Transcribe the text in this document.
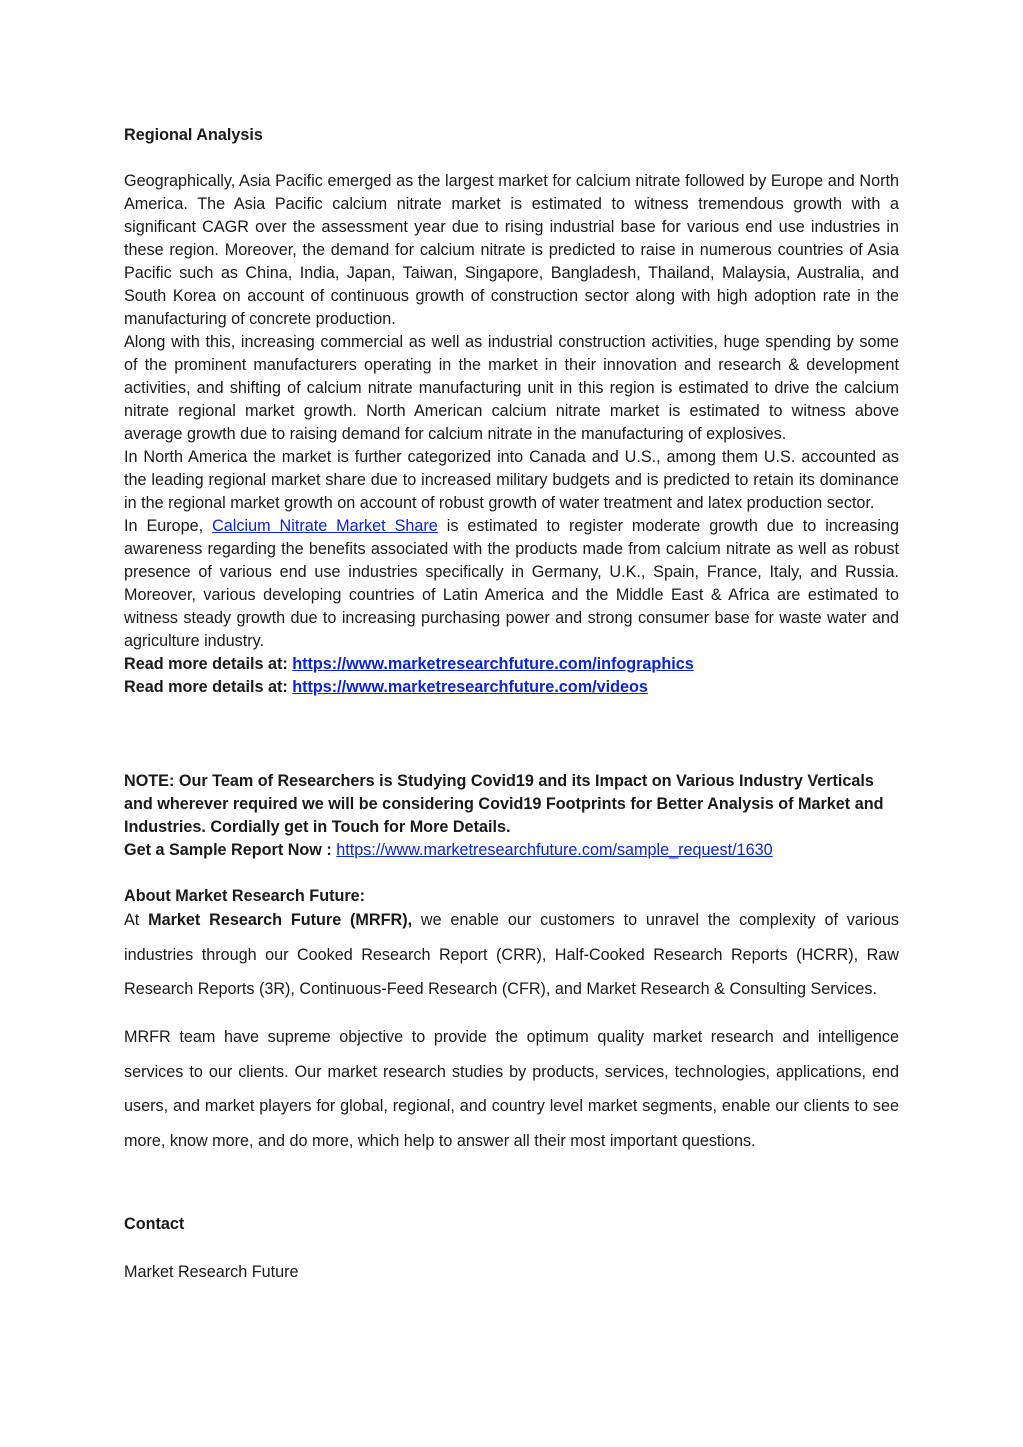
Regional Analysis

Geographically, Asia Pacific emerged as the largest market for calcium nitrate followed by Europe and North America. The Asia Pacific calcium nitrate market is estimated to witness tremendous growth with a significant CAGR over the assessment year due to rising industrial base for various end use industries in these region. Moreover, the demand for calcium nitrate is predicted to raise in numerous countries of Asia Pacific such as China, India, Japan, Taiwan, Singapore, Bangladesh, Thailand, Malaysia, Australia, and South Korea on account of continuous growth of construction sector along with high adoption rate in the manufacturing of concrete production.

Along with this, increasing commercial as well as industrial construction activities, huge spending by some of the prominent manufacturers operating in the market in their innovation and research & development activities, and shifting of calcium nitrate manufacturing unit in this region is estimated to drive the calcium nitrate regional market growth. North American calcium nitrate market is estimated to witness above average growth due to raising demand for calcium nitrate in the manufacturing of explosives.

In North America the market is further categorized into Canada and U.S., among them U.S. accounted as the leading regional market share due to increased military budgets and is predicted to retain its dominance in the regional market growth on account of robust growth of water treatment and latex production sector.

In Europe, Calcium Nitrate Market Share is estimated to register moderate growth due to increasing awareness regarding the benefits associated with the products made from calcium nitrate as well as robust presence of various end use industries specifically in Germany, U.K., Spain, France, Italy, and Russia. Moreover, various developing countries of Latin America and the Middle East & Africa are estimated to witness steady growth due to increasing purchasing power and strong consumer base for waste water and agriculture industry.

Read more details at: https://www.marketresearchfuture.com/infographics

Read more details at: https://www.marketresearchfuture.com/videos

NOTE: Our Team of Researchers is Studying Covid19 and its Impact on Various Industry Verticals and wherever required we will be considering Covid19 Footprints for Better Analysis of Market and Industries. Cordially get in Touch for More Details.

Get a Sample Report Now : https://www.marketresearchfuture.com/sample_request/1630

About Market Research Future:
At Market Research Future (MRFR), we enable our customers to unravel the complexity of various industries through our Cooked Research Report (CRR), Half-Cooked Research Reports (HCRR), Raw Research Reports (3R), Continuous-Feed Research (CFR), and Market Research & Consulting Services.
MRFR team have supreme objective to provide the optimum quality market research and intelligence services to our clients. Our market research studies by products, services, technologies, applications, end users, and market players for global, regional, and country level market segments, enable our clients to see more, know more, and do more, which help to answer all their most important questions.
Contact
Market Research Future
